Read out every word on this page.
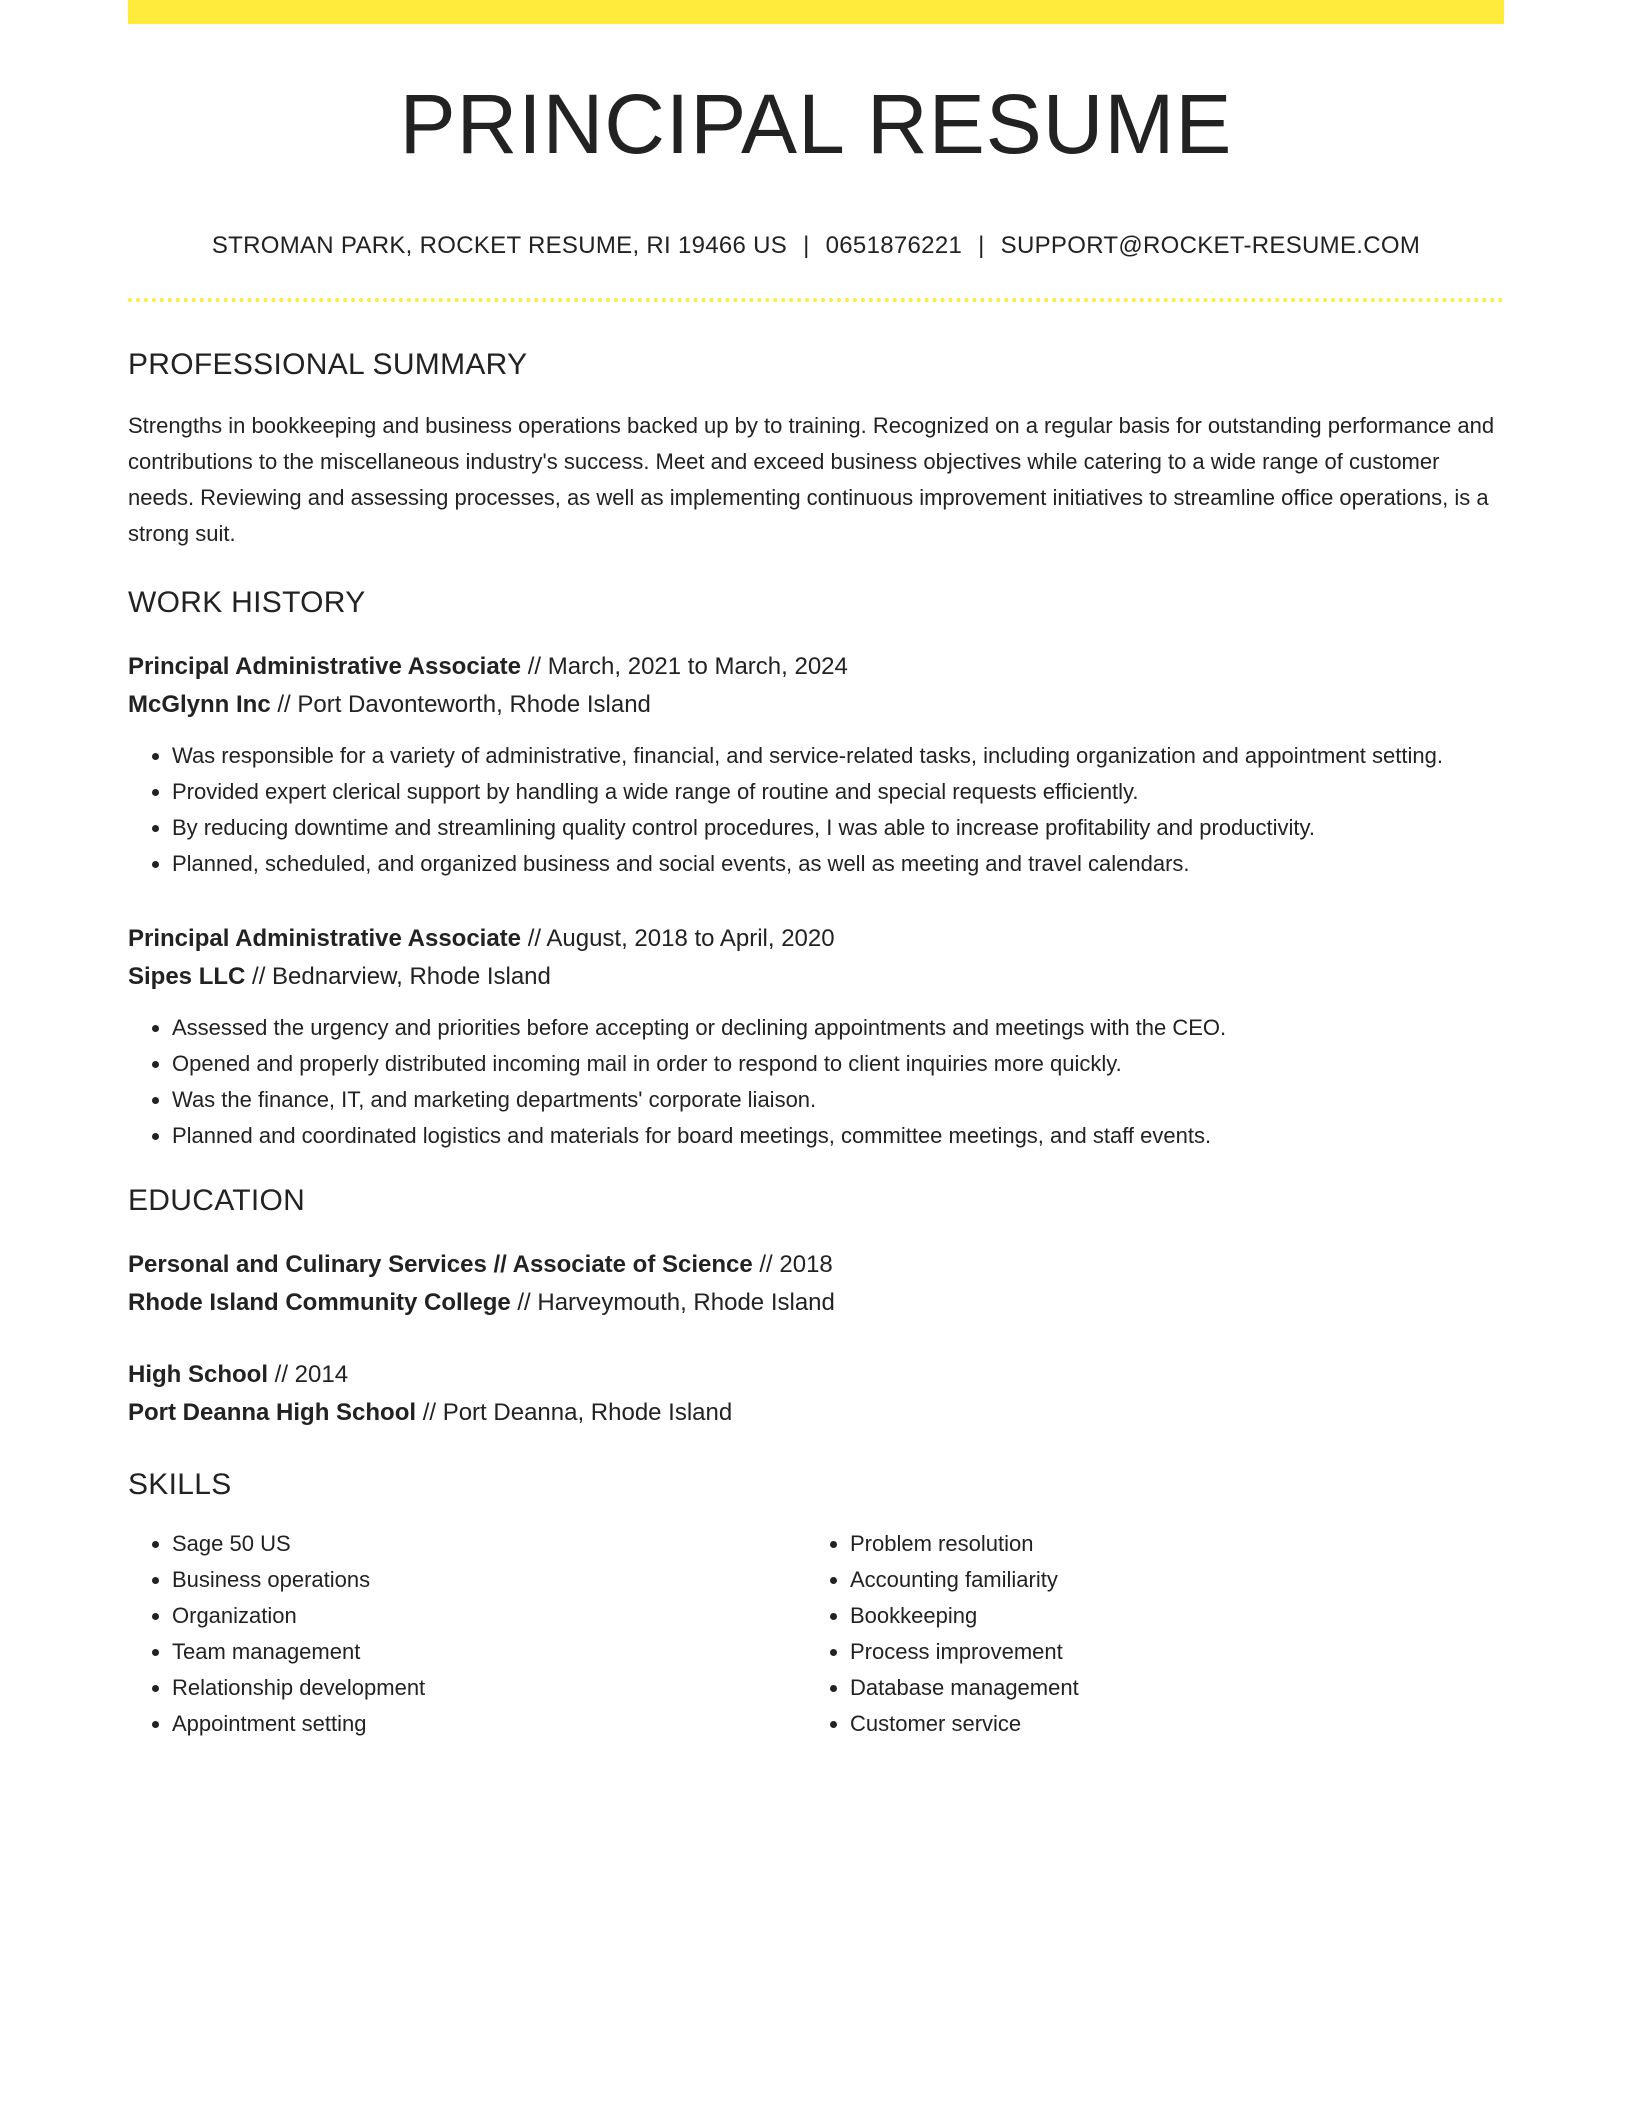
PRINCIPAL RESUME
STROMAN PARK, ROCKET RESUME, RI 19466 US | 0651876221 | SUPPORT@ROCKET-RESUME.COM
PROFESSIONAL SUMMARY
Strengths in bookkeeping and business operations backed up by to training. Recognized on a regular basis for outstanding performance and contributions to the miscellaneous industry's success. Meet and exceed business objectives while catering to a wide range of customer needs. Reviewing and assessing processes, as well as implementing continuous improvement initiatives to streamline office operations, is a strong suit.
WORK HISTORY
Principal Administrative Associate // March, 2021 to March, 2024
McGlynn Inc // Port Davonteworth, Rhode Island
• Was responsible for a variety of administrative, financial, and service-related tasks, including organization and appointment setting.
• Provided expert clerical support by handling a wide range of routine and special requests efficiently.
• By reducing downtime and streamlining quality control procedures, I was able to increase profitability and productivity.
• Planned, scheduled, and organized business and social events, as well as meeting and travel calendars.
Principal Administrative Associate // August, 2018 to April, 2020
Sipes LLC // Bednarview, Rhode Island
• Assessed the urgency and priorities before accepting or declining appointments and meetings with the CEO.
• Opened and properly distributed incoming mail in order to respond to client inquiries more quickly.
• Was the finance, IT, and marketing departments' corporate liaison.
• Planned and coordinated logistics and materials for board meetings, committee meetings, and staff events.
EDUCATION
Personal and Culinary Services // Associate of Science // 2018
Rhode Island Community College // Harveymouth, Rhode Island
High School // 2014
Port Deanna High School // Port Deanna, Rhode Island
SKILLS
• Sage 50 US
• Business operations
• Organization
• Team management
• Relationship development
• Appointment setting
• Problem resolution
• Accounting familiarity
• Bookkeeping
• Process improvement
• Database management
• Customer service
